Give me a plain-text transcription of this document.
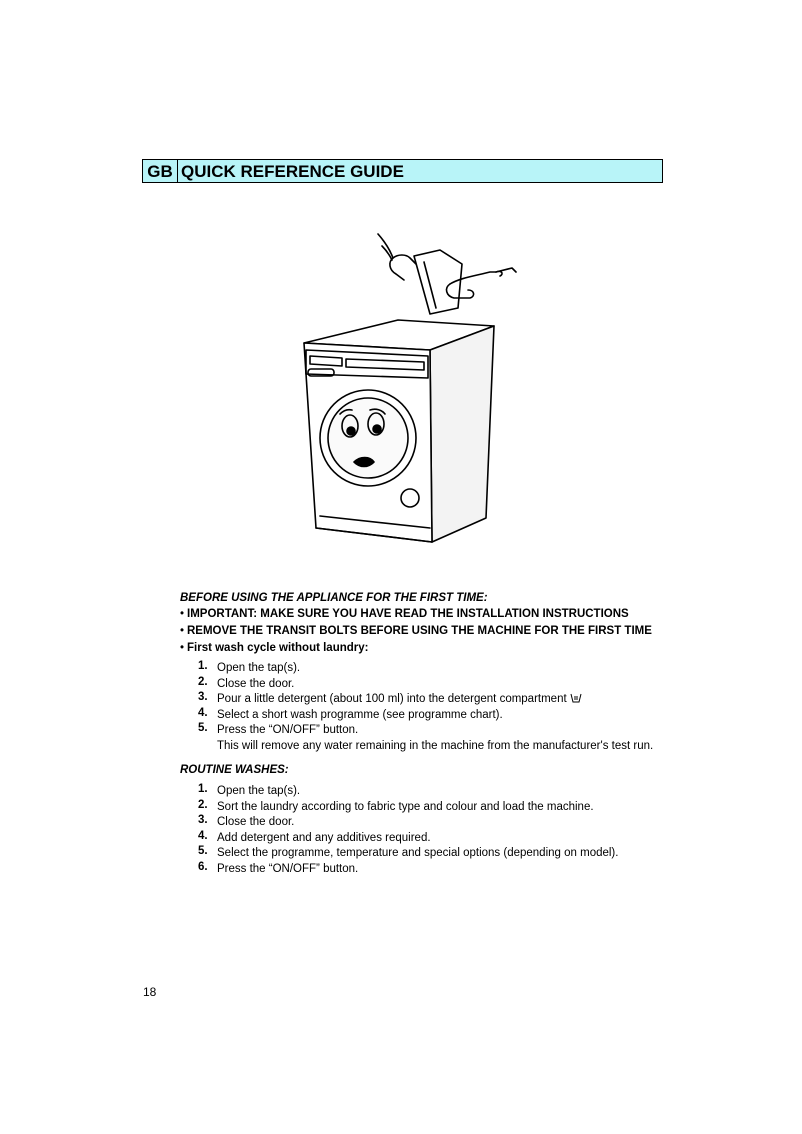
GB QUICK REFERENCE GUIDE

BEFORE USING THE APPLIANCE FOR THE FIRST TIME:

• IMPORTANT: MAKE SURE YOU HAVE READ THE INSTALLATION INSTRUCTIONS
• REMOVE THE TRANSIT BOLTS BEFORE USING THE MACHINE FOR THE FIRST TIME
• First wash cycle without laundry:
1. Open the tap(s).
2. Close the door.
3. Pour a little detergent (about 100 ml) into the detergent compartment
4. Select a short wash programme (see programme chart).
5. Press the “ON/OFF” button.
This will remove any water remaining in the machine from the manufacturer's test run.

ROUTINE WASHES:

1. Open the tap(s).
2. Sort the laundry according to fabric type and colour and load the machine.
3. Close the door.
4. Add detergent and any additives required.
5. Select the programme, temperature and special options (depending on model).
6. Press the “ON/OFF” button.
18
